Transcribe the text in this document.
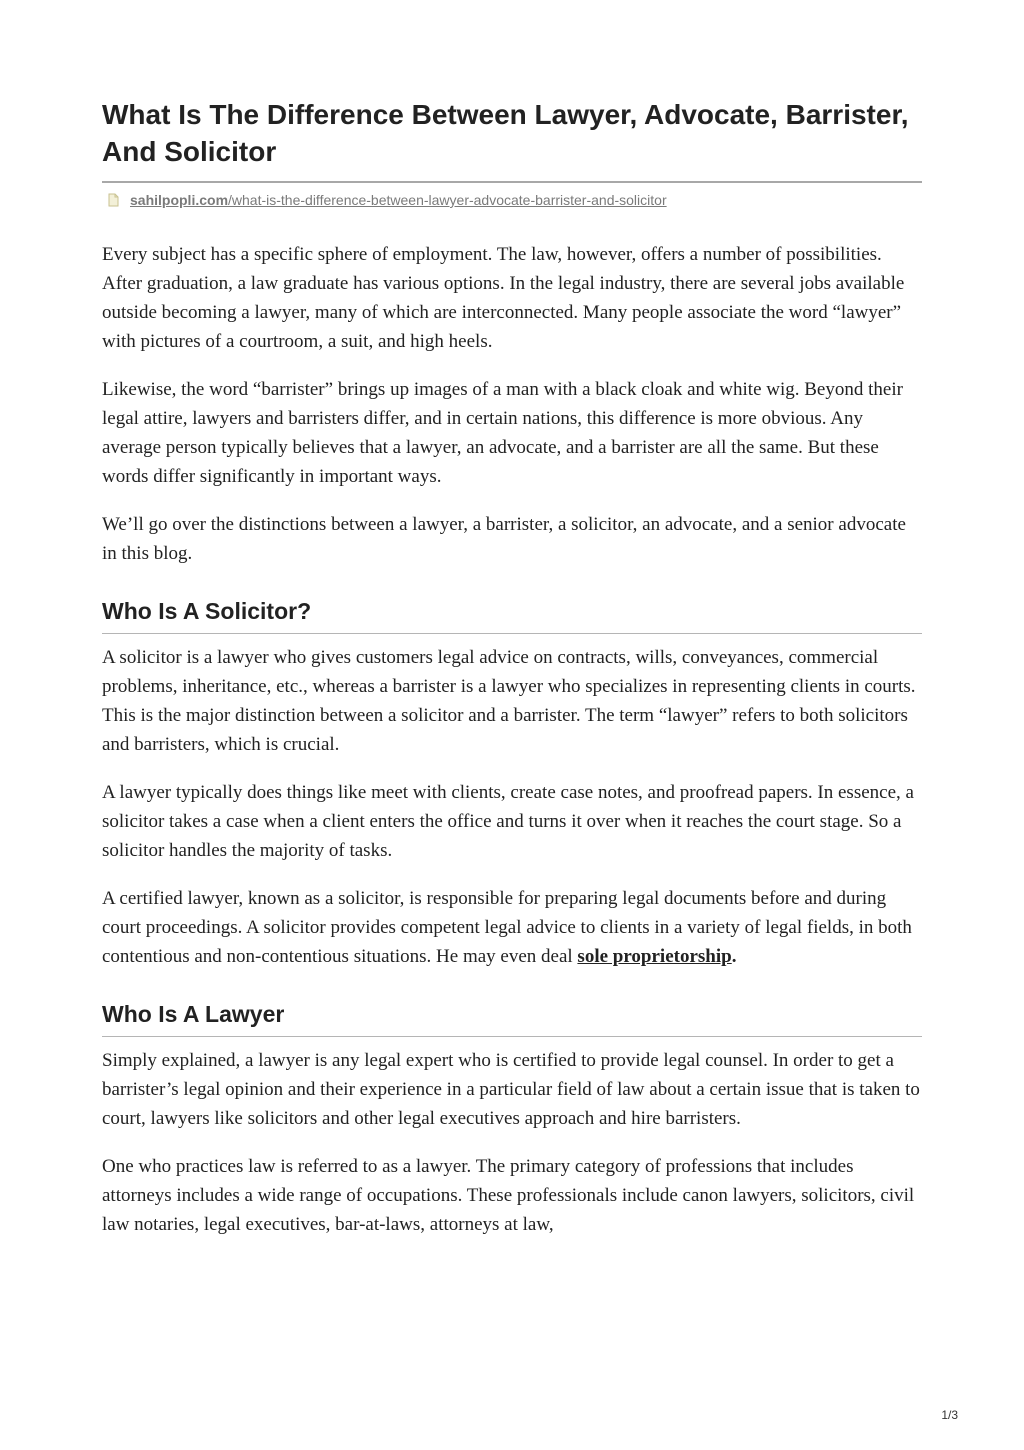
What Is The Difference Between Lawyer, Advocate, Barrister, And Solicitor
sahilpopli.com/what-is-the-difference-between-lawyer-advocate-barrister-and-solicitor

Every subject has a specific sphere of employment. The law, however, offers a number of possibilities. After graduation, a law graduate has various options. In the legal industry, there are several jobs available outside becoming a lawyer, many of which are interconnected. Many people associate the word “lawyer” with pictures of a courtroom, a suit, and high heels.

Likewise, the word “barrister” brings up images of a man with a black cloak and white wig. Beyond their legal attire, lawyers and barristers differ, and in certain nations, this difference is more obvious. Any average person typically believes that a lawyer, an advocate, and a barrister are all the same. But these words differ significantly in important ways.

We’ll go over the distinctions between a lawyer, a barrister, a solicitor, an advocate, and a senior advocate in this blog.

Who Is A Solicitor?

A solicitor is a lawyer who gives customers legal advice on contracts, wills, conveyances, commercial problems, inheritance, etc., whereas a barrister is a lawyer who specializes in representing clients in courts. This is the major distinction between a solicitor and a barrister. The term “lawyer” refers to both solicitors and barristers, which is crucial.

A lawyer typically does things like meet with clients, create case notes, and proofread papers. In essence, a solicitor takes a case when a client enters the office and turns it over when it reaches the court stage. So a solicitor handles the majority of tasks.

A certified lawyer, known as a solicitor, is responsible for preparing legal documents before and during court proceedings. A solicitor provides competent legal advice to clients in a variety of legal fields, in both contentious and non-contentious situations. He may even deal sole proprietorship.

Who Is A Lawyer

Simply explained, a lawyer is any legal expert who is certified to provide legal counsel. In order to get a barrister’s legal opinion and their experience in a particular field of law about a certain issue that is taken to court, lawyers like solicitors and other legal executives approach and hire barristers.

One who practices law is referred to as a lawyer. The primary category of professions that includes attorneys includes a wide range of occupations. These professionals include canon lawyers, solicitors, civil law notaries, legal executives, bar-at-laws, attorneys at law,

1/3
